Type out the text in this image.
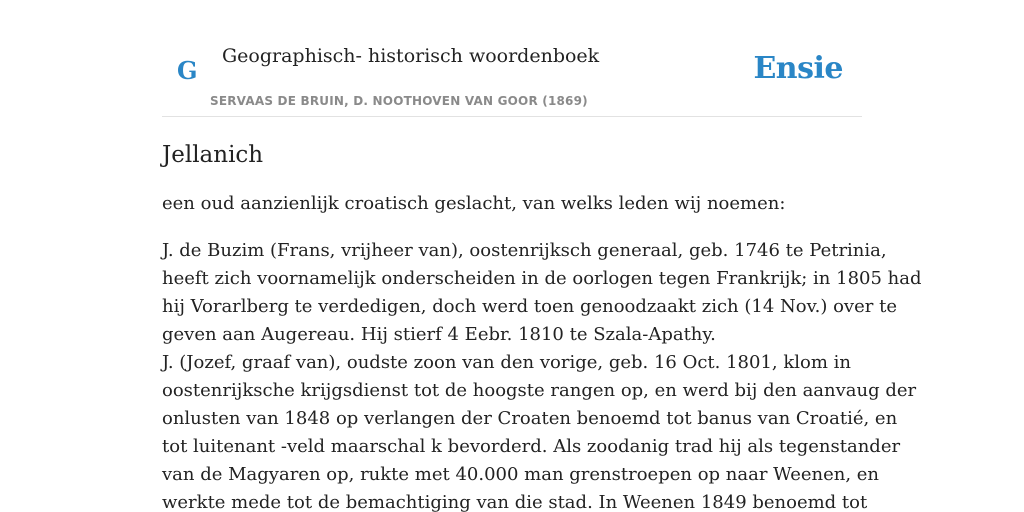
G Geographisch- historisch woordenboek
SERVAAS DE BRUIN, D. NOOTHOVEN VAN GOOR (1869)
Ensie
Jellanich

een oud aanzienlijk croatisch geslacht, van welks leden wij noemen:

J. de Buzim (Frans, vrijheer van), oostenrijksch generaal, geb. 1746 te Petrinia,
heeft zich voornamelijk onderscheiden in de oorlogen tegen Frankrijk; in 1805 had
hij Vorarlberg te verdedigen, doch werd toen genoodzaakt zich (14 Nov.) over te
geven aan Augereau. Hij stierf 4 Eebr. 1810 te Szala-Apathy.

J. (Jozef, graaf van), oudste zoon van den vorige, geb. 16 Oct. 1801, klom in
oostenrijksche krijgsdienst tot de hoogste rangen op, en werd bij den aanvaug der
onlusten van 1848 op verlangen der Croaten benoemd tot banus van Croatié, en
tot luitenant -veld maarschal k bevorderd. Als zoodanig trad hij als tegenstander
van de Magyaren op, rukte met 40.000 man grenstroepen op naar Weenen, en
werkte mede tot de bemachtiging van die stad. In Weenen 1849 benoemd tot
